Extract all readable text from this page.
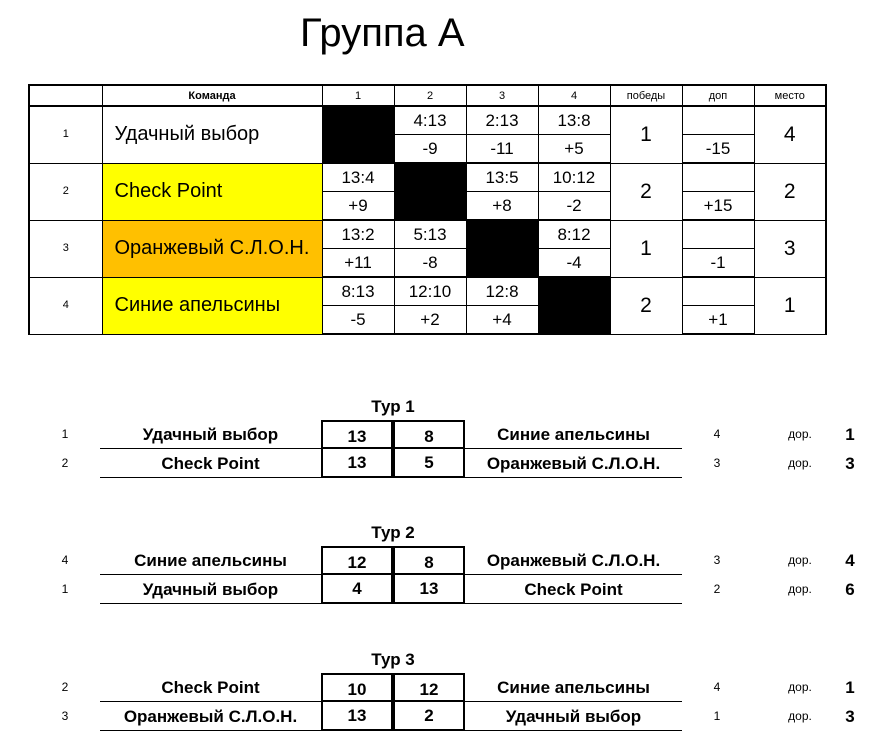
Группа А
	Команда	1	2	3	4	победы	доп	место
1	Удачный выбор		4:13	2:13	13:8	1		4
			-9	-11	+5		-15	
2	Check Point	13:4		13:5	10:12	2		2
		+9		+8	-2		+15	
3	Оранжевый С.Л.О.Н.	13:2	5:13		8:12	1		3
		+11	-8		-4		-1	
4	Синие апельсины	8:13	12:10	12:8		2		1
		-5	+2	+4			+1	
Тур 1
1	Удачный выбор	13	8	Синие апельсины	4	дор.	1
2	Check Point	13	5	Оранжевый С.Л.О.Н.	3	дор.	3
Тур 2
4	Синие апельсины	12	8	Оранжевый С.Л.О.Н.	3	дор.	4
1	Удачный выбор	4	13	Check Point	2	дор.	6
Тур 3
2	Check Point	10	12	Синие апельсины	4	дор.	1
3	Оранжевый С.Л.О.Н.	13	2	Удачный выбор	1	дор.	3
